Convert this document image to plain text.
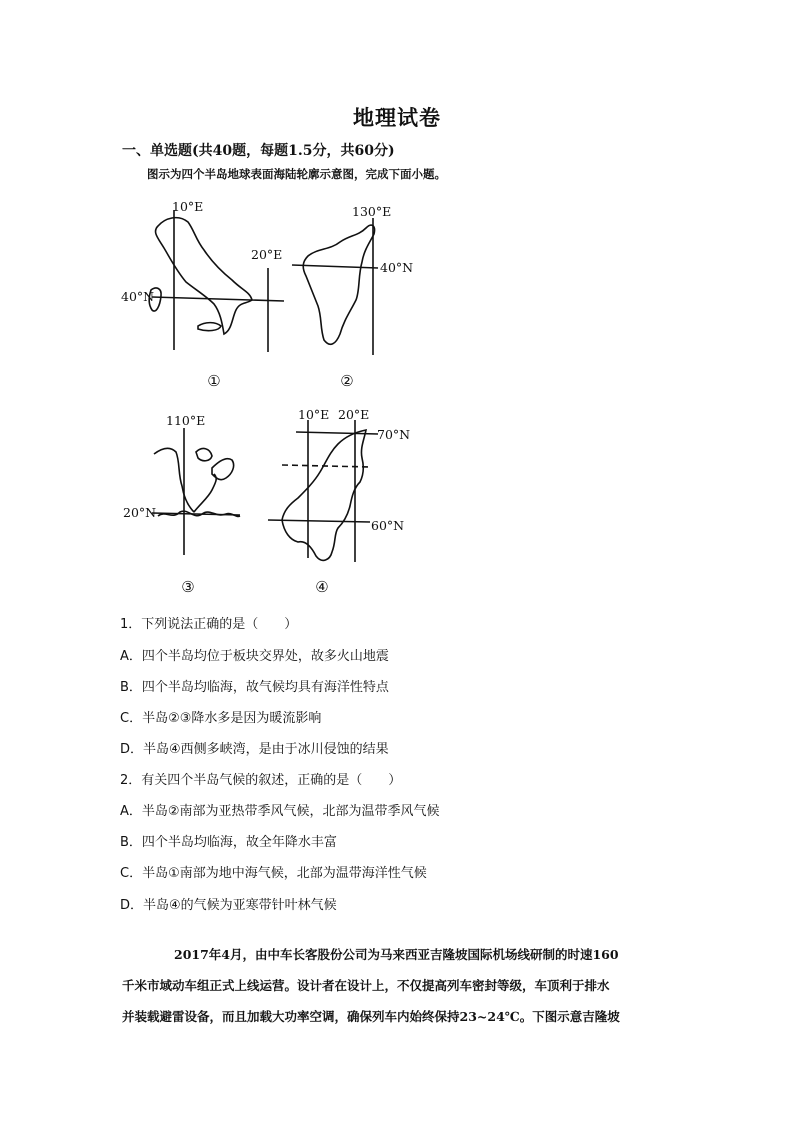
地理试卷
一、单选题(共40题，每题1.5分，共60分)
图示为四个半岛地球表面海陆轮廓示意图，完成下面小题。
10°E
20°E
40°N
130°E
40°N
110°E
20°N
10°E 20°E
70°N
60°N
①	②
③	④
1．下列说法正确的是（　　）
A．四个半岛均位于板块交界处，故多火山地震
B．四个半岛均临海，故气候均具有海洋性特点
C．半岛②③降水多是因为暖流影响
D．半岛④西侧多峡湾，是由于冰川侵蚀的结果
2．有关四个半岛气候的叙述，正确的是（　　）
A．半岛②南部为亚热带季风气候，北部为温带季风气候
B．四个半岛均临海，故全年降水丰富
C．半岛①南部为地中海气候，北部为温带海洋性气候
D．半岛④的气候为亚寒带针叶林气候
2017年4月，由中车长客股份公司为马来西亚吉隆坡国际机场线研制的时速160
千米市域动车组正式上线运营。设计者在设计上，不仅提高列车密封等级，车顶利于排水
并装载避雷设备，而且加载大功率空调，确保列车内始终保持23~24℃。下图示意吉隆坡
